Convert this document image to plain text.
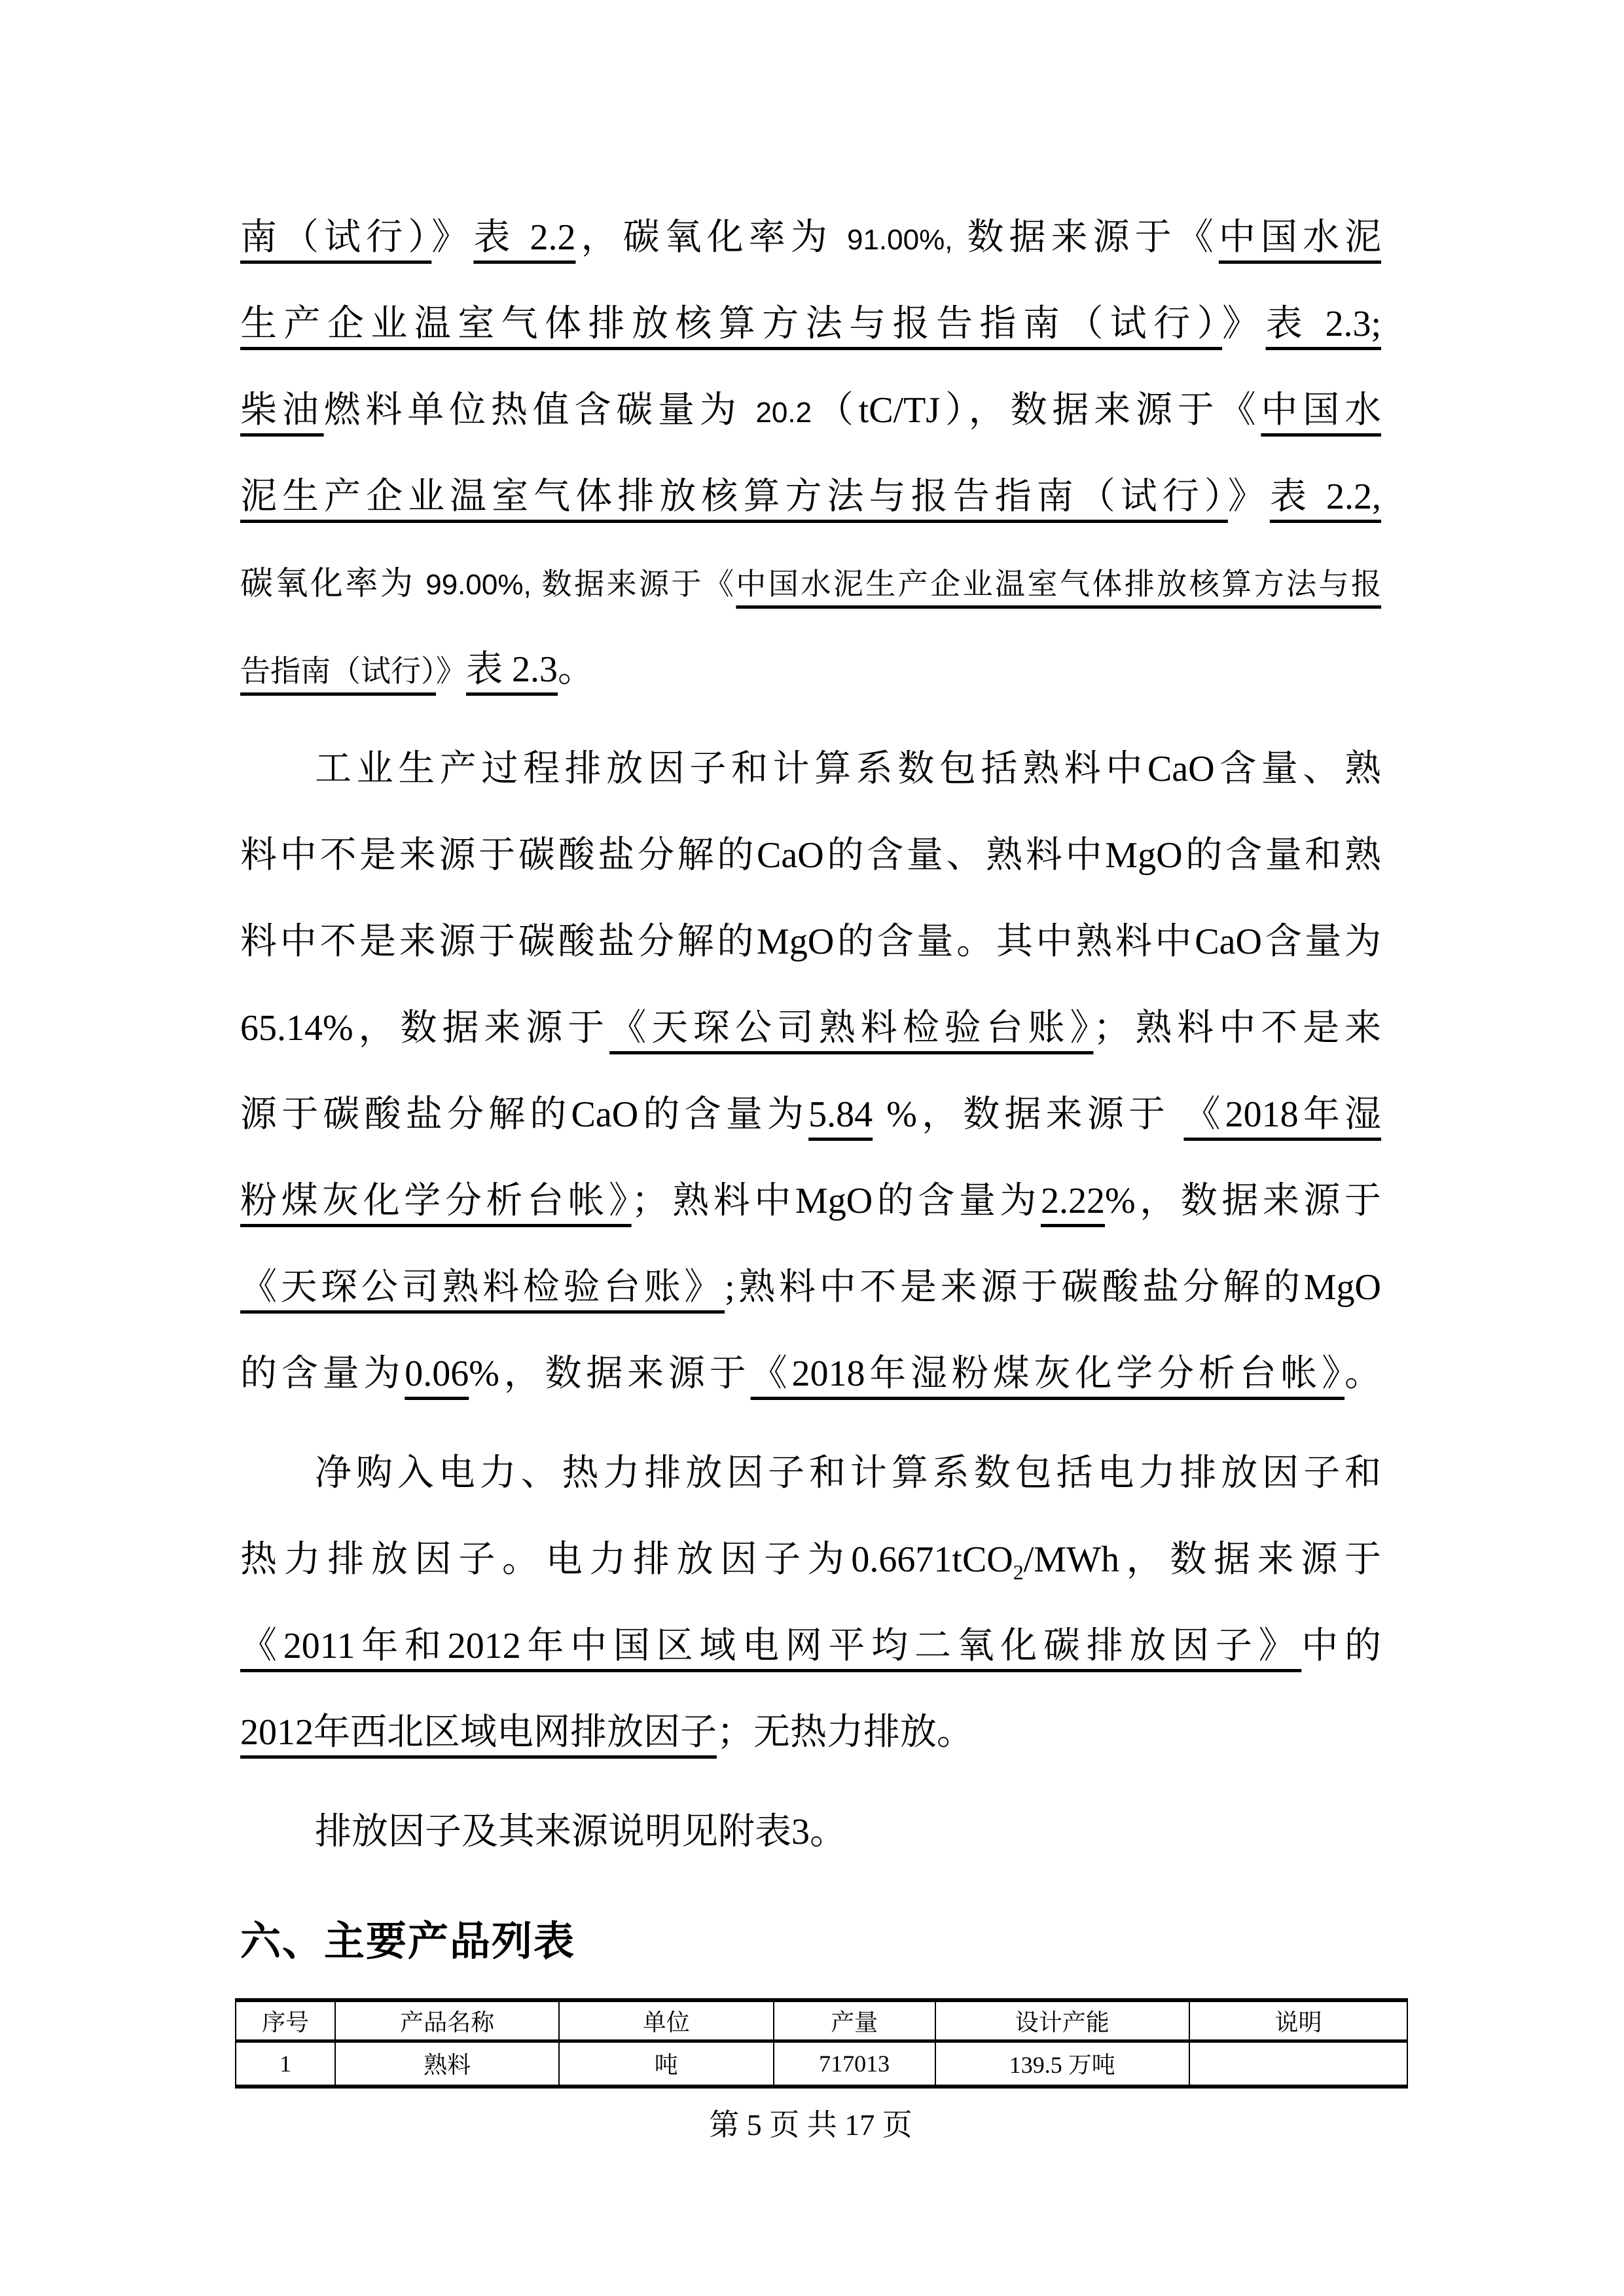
南（试行）》表 2.2，碳氧化率为 91.00%, 数据来源于《中国水泥
生产企业温室气体排放核算方法与报告指南（试行）》表 2.3;
柴油燃料单位热值含碳量为 20.2（tC/TJ），数据来源于《中国水
泥生产企业温室气体排放核算方法与报告指南（试行）》表 2.2,
碳氧化率为 99.00%, 数据来源于《中国水泥生产企业温室气体排放核算方法与报
告指南（试行）》表 2.3。
工业生产过程排放因子和计算系数包括熟料中CaO含量、熟
料中不是来源于碳酸盐分解的CaO的含量、熟料中MgO的含量和熟
料中不是来源于碳酸盐分解的MgO的含量。其中熟料中CaO含量为
65.14%，数据来源于《天琛公司熟料检验台账》；熟料中不是来
源于碳酸盐分解的CaO的含量为5.84 %，数据来源于 《2018年湿
粉煤灰化学分析台帐》；熟料中MgO的含量为2.22%，数据来源于
《天琛公司熟料检验台账》;熟料中不是来源于碳酸盐分解的MgO
的含量为0.06%，数据来源于《2018年湿粉煤灰化学分析台帐》。
净购入电力、热力排放因子和计算系数包括电力排放因子和
热力排放因子。电力排放因子为0.6671tCO$_2$/MWh，数据来源于
《2011年和2012年中国区域电网平均二氧化碳排放因子》中的
2012年西北区域电网排放因子；无热力排放。
排放因子及其来源说明见附表3。
六、主要产品列表
序号	产品名称	单位	产量	设计产能	说明
1	熟料	吨	717013	139.5 万吨	
第 5 页 共 17 页
